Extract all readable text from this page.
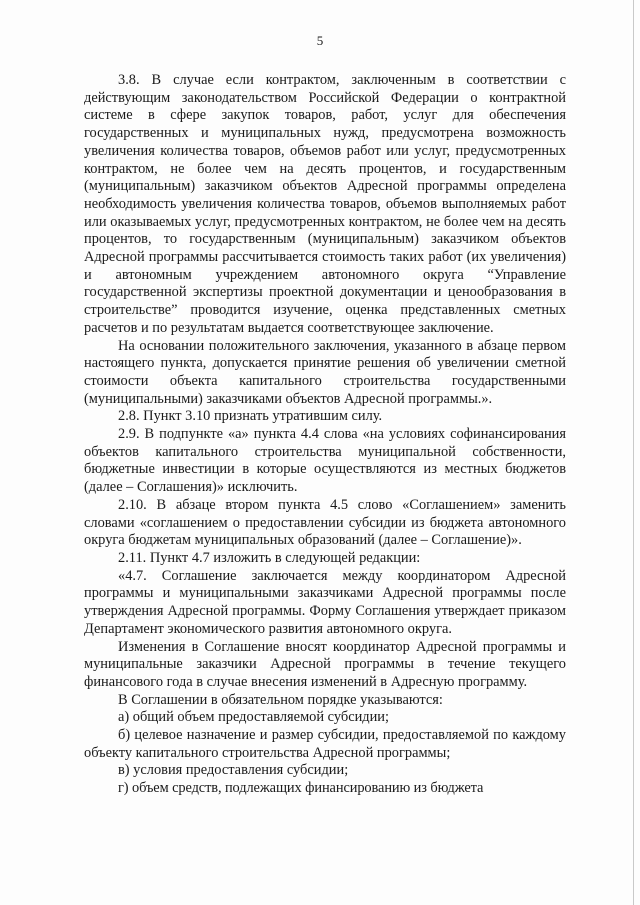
5

3.8. В случае если контрактом, заключенным в соответствии с действующим законодательством Российской Федерации о контрактной системе в сфере закупок товаров, работ, услуг для обеспечения государственных и муниципальных нужд, предусмотрена возможность увеличения количества товаров, объемов работ или услуг, предусмотренных контрактом, не более чем на десять процентов, и государственным (муниципальным) заказчиком объектов Адресной программы определена необходимость увеличения количества товаров, объемов выполняемых работ или оказываемых услуг, предусмотренных контрактом, не более чем на десять процентов, то государственным (муниципальным) заказчиком объектов Адресной программы рассчитывается стоимость таких работ (их увеличения) и автономным учреждением автономного округа “Управление государственной экспертизы проектной документации и ценообразования в строительстве” проводится изучение, оценка представленных сметных расчетов и по результатам выдается соответствующее заключение.

На основании положительного заключения, указанного в абзаце первом настоящего пункта, допускается принятие решения об увеличении сметной стоимости объекта капитального строительства государственными (муниципальными) заказчиками объектов Адресной программы.».

2.8. Пункт 3.10 признать утратившим силу.

2.9. В подпункте «а» пункта 4.4 слова «на условиях софинансирования объектов капитального строительства муниципальной собственности, бюджетные инвестиции в которые осуществляются из местных бюджетов (далее – Соглашения)» исключить.

2.10. В абзаце втором пункта 4.5 слово «Соглашением» заменить словами «соглашением о предоставлении субсидии из бюджета автономного округа бюджетам муниципальных образований (далее – Соглашение)».

2.11. Пункт 4.7 изложить в следующей редакции:

«4.7. Соглашение заключается между координатором Адресной программы и муниципальными заказчиками Адресной программы после утверждения Адресной программы. Форму Соглашения утверждает приказом Департамент экономического развития автономного округа.

Изменения в Соглашение вносят координатор Адресной программы и муниципальные заказчики Адресной программы в течение текущего финансового года в случае внесения изменений в Адресную программу.

В Соглашении в обязательном порядке указываются:

а) общий объем предоставляемой субсидии;

б) целевое назначение и размер субсидии, предоставляемой по каждому объекту капитального строительства Адресной программы;

в) условия предоставления субсидии;

г) объем средств, подлежащих финансированию из бюджета
